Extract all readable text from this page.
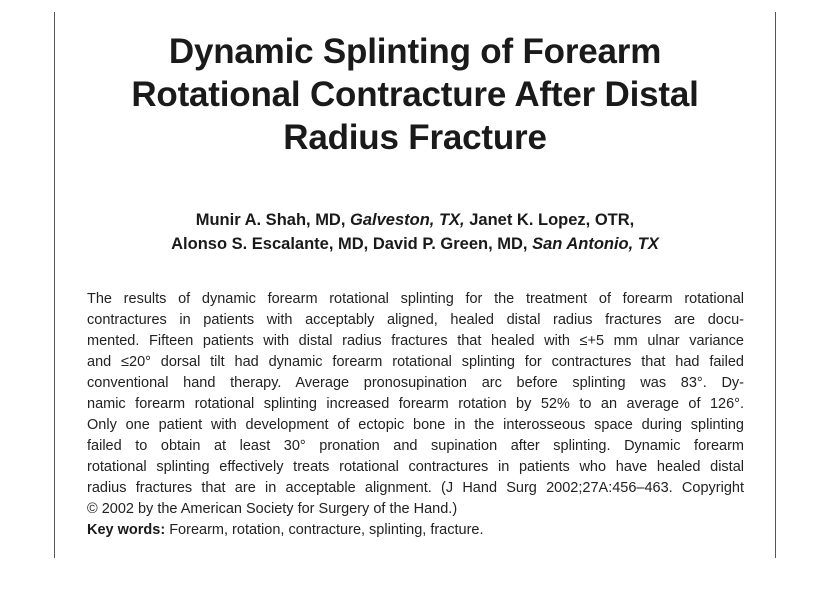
Dynamic Splinting of Forearm
Rotational Contracture After Distal
Radius Fracture
Munir A. Shah, MD, Galveston, TX, Janet K. Lopez, OTR,
Alonso S. Escalante, MD, David P. Green, MD, San Antonio, TX
The results of dynamic forearm rotational splinting for the treatment of forearm rotational
contractures in patients with acceptably aligned, healed distal radius fractures are docu-
mented. Fifteen patients with distal radius fractures that healed with ≤+5 mm ulnar variance
and ≤20° dorsal tilt had dynamic forearm rotational splinting for contractures that had failed
conventional hand therapy. Average pronosupination arc before splinting was 83°. Dy-
namic forearm rotational splinting increased forearm rotation by 52% to an average of 126°.
Only one patient with development of ectopic bone in the interosseous space during splinting
failed to obtain at least 30° pronation and supination after splinting. Dynamic forearm
rotational splinting effectively treats rotational contractures in patients who have healed distal
radius fractures that are in acceptable alignment. (J Hand Surg 2002;27A:456–463. Copyright
© 2002 by the American Society for Surgery of the Hand.)
Key words: Forearm, rotation, contracture, splinting, fracture.
